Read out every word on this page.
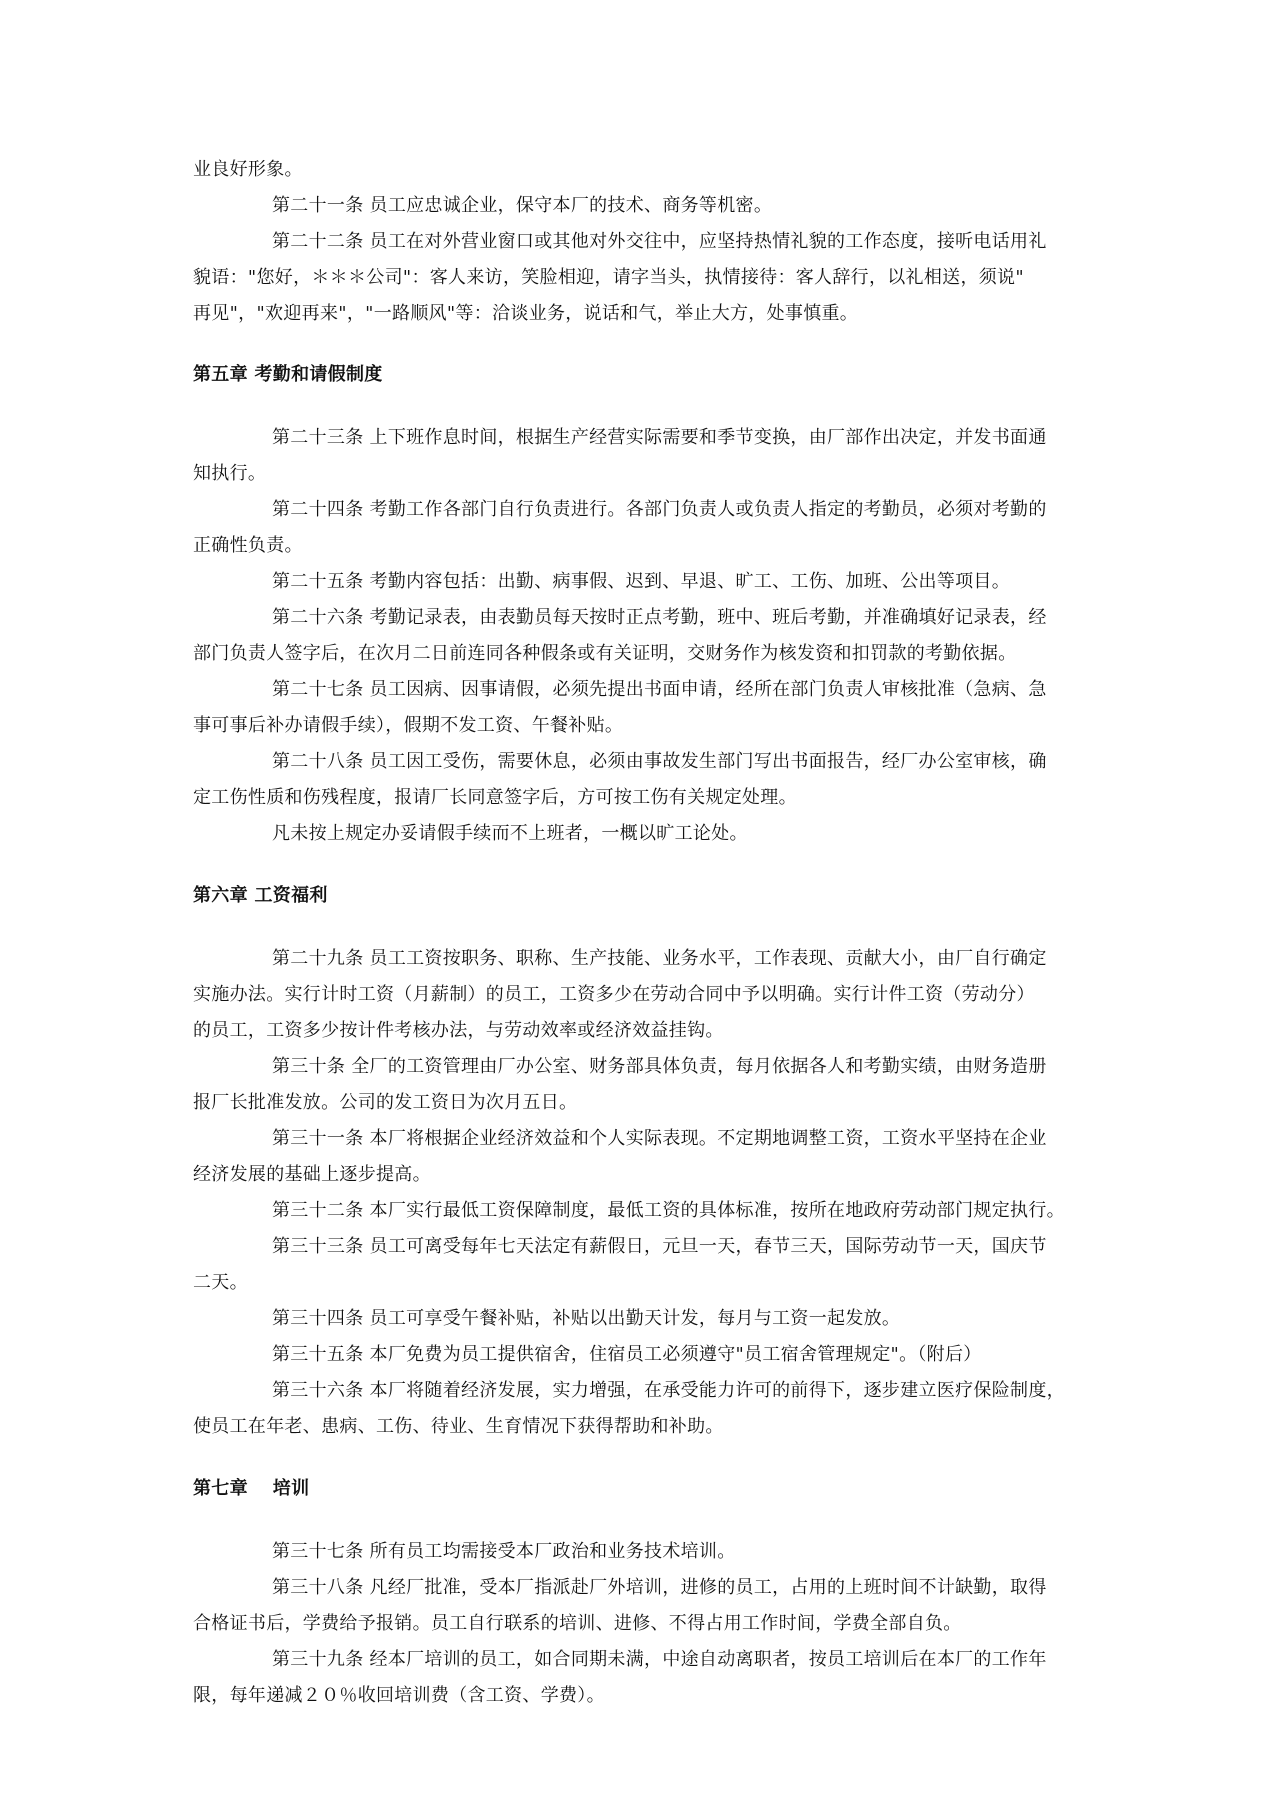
业良好形象。
第二十一条 员工应忠诚企业，保守本厂的技术、商务等机密。
第二十二条 员工在对外营业窗口或其他对外交往中，应坚持热情礼貌的工作态度，接听电话用礼
貌语："您好，＊＊＊公司"：客人来访，笑脸相迎，请字当头，执情接待：客人辞行，以礼相送，须说"
再见"，"欢迎再来"，"一路顺风"等：洽谈业务，说话和气，举止大方，处事慎重。
第五章 考勤和请假制度
第二十三条 上下班作息时间，根据生产经营实际需要和季节变换，由厂部作出决定，并发书面通
知执行。
第二十四条 考勤工作各部门自行负责进行。各部门负责人或负责人指定的考勤员，必须对考勤的
正确性负责。
第二十五条 考勤内容包括：出勤、病事假、迟到、早退、旷工、工伤、加班、公出等项目。
第二十六条 考勤记录表，由表勤员每天按时正点考勤，班中、班后考勤，并准确填好记录表，经
部门负责人签字后，在次月二日前连同各种假条或有关证明，交财务作为核发资和扣罚款的考勤依据。
第二十七条 员工因病、因事请假，必须先提出书面申请，经所在部门负责人审核批准（急病、急
事可事后补办请假手续），假期不发工资、午餐补贴。
第二十八条 员工因工受伤，需要休息，必须由事故发生部门写出书面报告，经厂办公室审核，确
定工伤性质和伤残程度，报请厂长同意签字后，方可按工伤有关规定处理。
凡未按上规定办妥请假手续而不上班者，一概以旷工论处。
第六章 工资福利
第二十九条 员工工资按职务、职称、生产技能、业务水平，工作表现、贡献大小，由厂自行确定
实施办法。实行计时工资（月薪制）的员工，工资多少在劳动合同中予以明确。实行计件工资（劳动分）
的员工，工资多少按计件考核办法，与劳动效率或经济效益挂钩。
第三十条 全厂的工资管理由厂办公室、财务部具体负责，每月依据各人和考勤实绩，由财务造册
报厂长批准发放。公司的发工资日为次月五日。
第三十一条 本厂将根据企业经济效益和个人实际表现。不定期地调整工资，工资水平坚持在企业
经济发展的基础上逐步提高。
第三十二条 本厂实行最低工资保障制度，最低工资的具体标准，按所在地政府劳动部门规定执行。
第三十三条 员工可离受每年七天法定有薪假日，元旦一天，春节三天，国际劳动节一天，国庆节
二天。
第三十四条 员工可享受午餐补贴，补贴以出勤天计发，每月与工资一起发放。
第三十五条 本厂免费为员工提供宿舍，住宿员工必须遵守"员工宿舍管理规定"。（附后）
第三十六条 本厂将随着经济发展，实力增强，在承受能力许可的前得下，逐步建立医疗保险制度，
使员工在年老、患病、工伤、待业、生育情况下获得帮助和补助。
第七章　 培训
第三十七条 所有员工均需接受本厂政治和业务技术培训。
第三十八条 凡经厂批准，受本厂指派赴厂外培训，进修的员工，占用的上班时间不计缺勤，取得
合格证书后，学费给予报销。员工自行联系的培训、进修、不得占用工作时间，学费全部自负。
第三十九条 经本厂培训的员工，如合同期未满，中途自动离职者，按员工培训后在本厂的工作年
限，每年递减２０％收回培训费（含工资、学费）。
